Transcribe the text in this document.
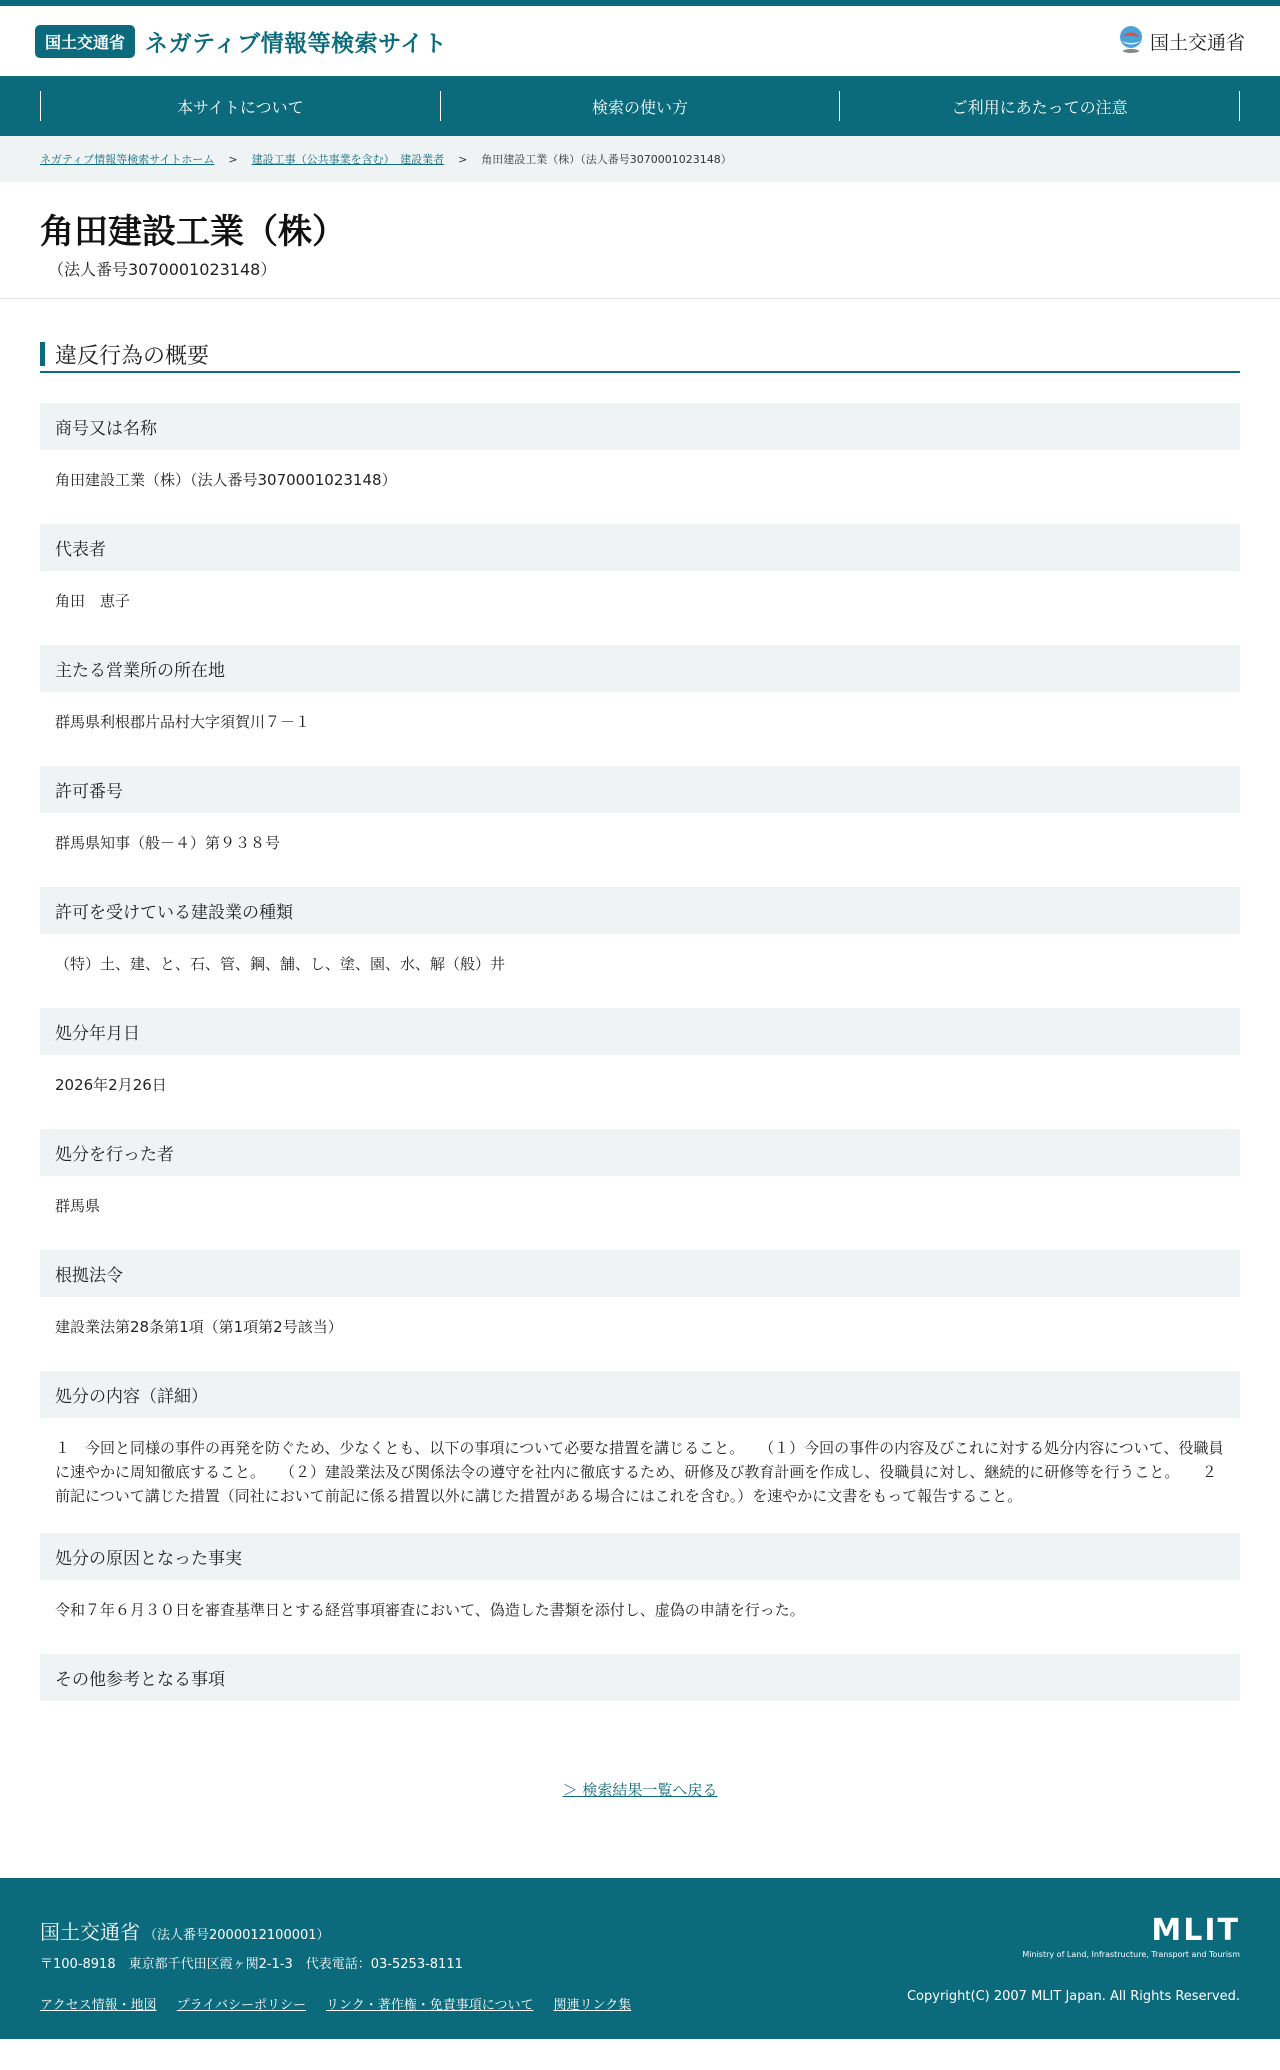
国土交通省 ネガティブ情報等検索サイト	国土交通省
本サイトについて	検索の使い方	ご利用にあたっての注意
ネガティブ情報等検索サイトホーム > 建設工事（公共事業を含む）　建設業者 > 角田建設工業（株）（法人番号3070001023148）
角田建設工業（株）
（法人番号3070001023148）
違反行為の概要
商号又は名称
角田建設工業（株）（法人番号3070001023148）
代表者
角田　恵子
主たる営業所の所在地
群馬県利根郡片品村大字須賀川７－１
許可番号
群馬県知事（般－４）第９３８号
許可を受けている建設業の種類
（特）土、建、と、石、管、鋼、舗、し、塗、園、水、解（般）井
処分年月日
2026年2月26日
処分を行った者
群馬県
根拠法令
建設業法第28条第1項（第1項第2号該当）
処分の内容（詳細）
１　今回と同様の事件の再発を防ぐため、少なくとも、以下の事項について必要な措置を講じること。　　（１）今回の事件の内容及びこれに対する処分内容について、役職員に速やかに周知徹底すること。　　（２）建設業法及び関係法令の遵守を社内に徹底するため、研修及び教育計画を作成し、役職員に対し、継続的に研修等を行うこと。　　２　前記について講じた措置（同社において前記に係る措置以外に講じた措置がある場合にはこれを含む。）を速やかに文書をもって報告すること。
処分の原因となった事実
令和７年６月３０日を審査基準日とする経営事項審査において、偽造した書類を添付し、虚偽の申請を行った。
その他参考となる事項
＞ 検索結果一覧へ戻る
国土交通省 （法人番号2000012100001）
〒100-8918　東京都千代田区霞ヶ関2-1-3　代表電話：03-5253-8111
アクセス情報・地図 プライバシーポリシー リンク・著作権・免責事項について 関連リンク集
MLIT
Ministry of Land, Infrastructure, Transport and Tourism
Copyright(C) 2007 MLIT Japan. All Rights Reserved.
